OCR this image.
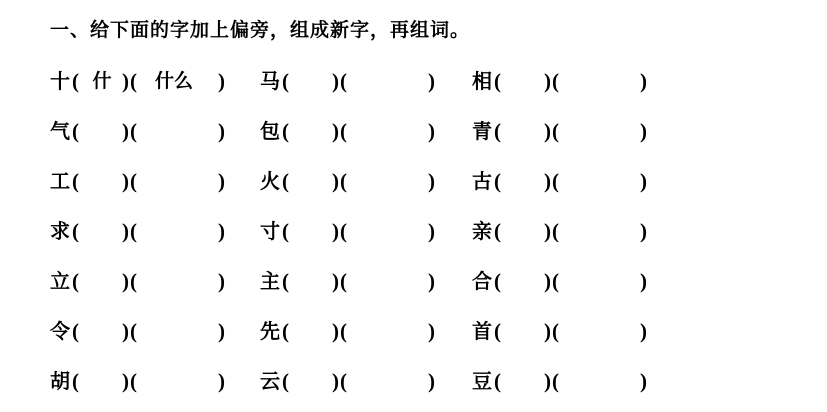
一、给下面的字加上偏旁，组成新字，再组词。
十 ( 什 ) ( 什么 ) 马 ( ) (	) 相 ( ) (	)
气 ( ) (	) 包 ( ) (	) 青 ( ) (	)
工 ( ) (	) 火 ( ) (	) 古 ( ) (	)
求 ( ) (	) 寸 ( ) (	) 亲 ( ) (	)
立 ( ) (	) 主 ( ) (	) 合 ( ) (	)
令 ( ) (	) 先 ( ) (	) 首 ( ) (	)
胡 ( ) (	) 云 ( ) (	) 豆 ( ) (	)
